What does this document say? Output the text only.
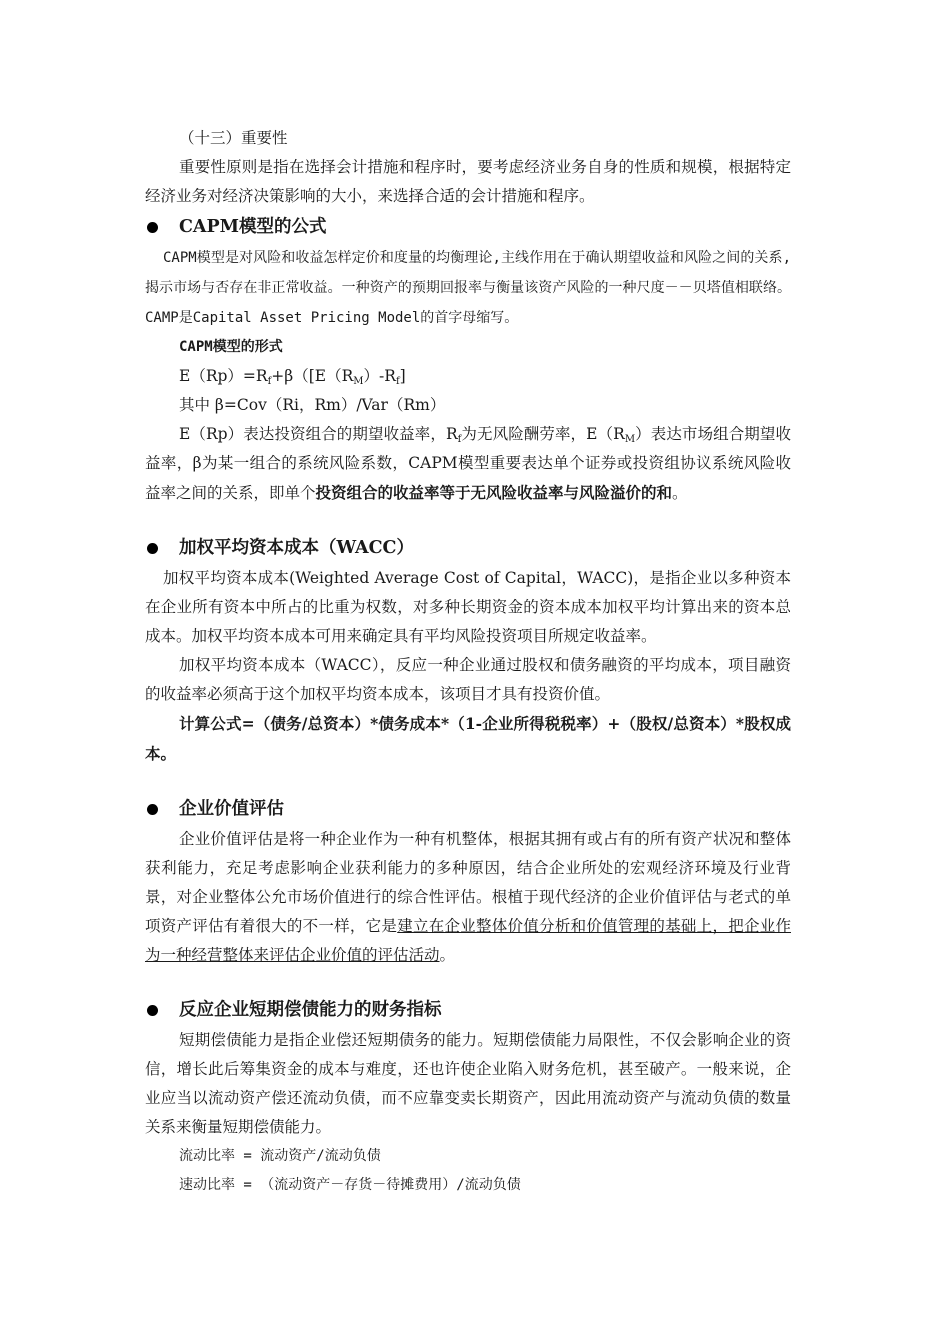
（十三）重要性

重要性原则是指在选择会计措施和程序时，要考虑经济业务自身的性质和规模，根据特定经济业务对经济决策影响的大小，来选择合适的会计措施和程序。

CAPM模型的公式

CAPM模型是对风险和收益怎样定价和度量的均衡理论,主线作用在于确认期望收益和风险之间的关系,揭示市场与否存在非正常收益。一种资产的预期回报率与衡量该资产风险的一种尺度－－贝塔值相联络。CAMP是Capital Asset Pricing Model的首字母缩写。

CAPM模型的形式

$E(Rp)=R_f+\beta([E(R_M)-R_f]$

其中 β=Cov（Ri，Rm）/Var（Rm）

E（Rp）表达投资组合的期望收益率，$R_f$为无风险酬劳率，$E(R_M)$表达市场组合期望收益率，β为某一组合的系统风险系数，CAPM模型重要表达单个证券或投资组协议系统风险收益率之间的关系，即单个投资组合的收益率等于无风险收益率与风险溢价的和。

加权平均资本成本（WACC）

加权平均资本成本(Weighted Average Cost of Capital，WACC)，是指企业以多种资本在企业所有资本中所占的比重为权数，对多种长期资金的资本成本加权平均计算出来的资本总成本。加权平均资本成本可用来确定具有平均风险投资项目所规定收益率。

加权平均资本成本（WACC），反应一种企业通过股权和债务融资的平均成本，项目融资的收益率必须高于这个加权平均资本成本，该项目才具有投资价值。

计算公式=（债务/总资本）*债务成本*（1-企业所得税税率）+（股权/总资本）*股权成本。

企业价值评估

企业价值评估是将一种企业作为一种有机整体，根据其拥有或占有的所有资产状况和整体获利能力，充足考虑影响企业获利能力的多种原因，结合企业所处的宏观经济环境及行业背景，对企业整体公允市场价值进行的综合性评估。根植于现代经济的企业价值评估与老式的单项资产评估有着很大的不一样，它是建立在企业整体价值分析和价值管理的基础上，把企业作为一种经营整体来评估企业价值的评估活动。

反应企业短期偿债能力的财务指标

短期偿债能力是指企业偿还短期债务的能力。短期偿债能力局限性，不仅会影响企业的资信，增长此后筹集资金的成本与难度，还也许使企业陷入财务危机，甚至破产。一般来说，企业应当以流动资产偿还流动负债，而不应靠变卖长期资产，因此用流动资产与流动负债的数量关系来衡量短期偿债能力。

流动比率 = 流动资产/流动负债

速动比率 = （流动资产－存货－待摊费用）/流动负债
